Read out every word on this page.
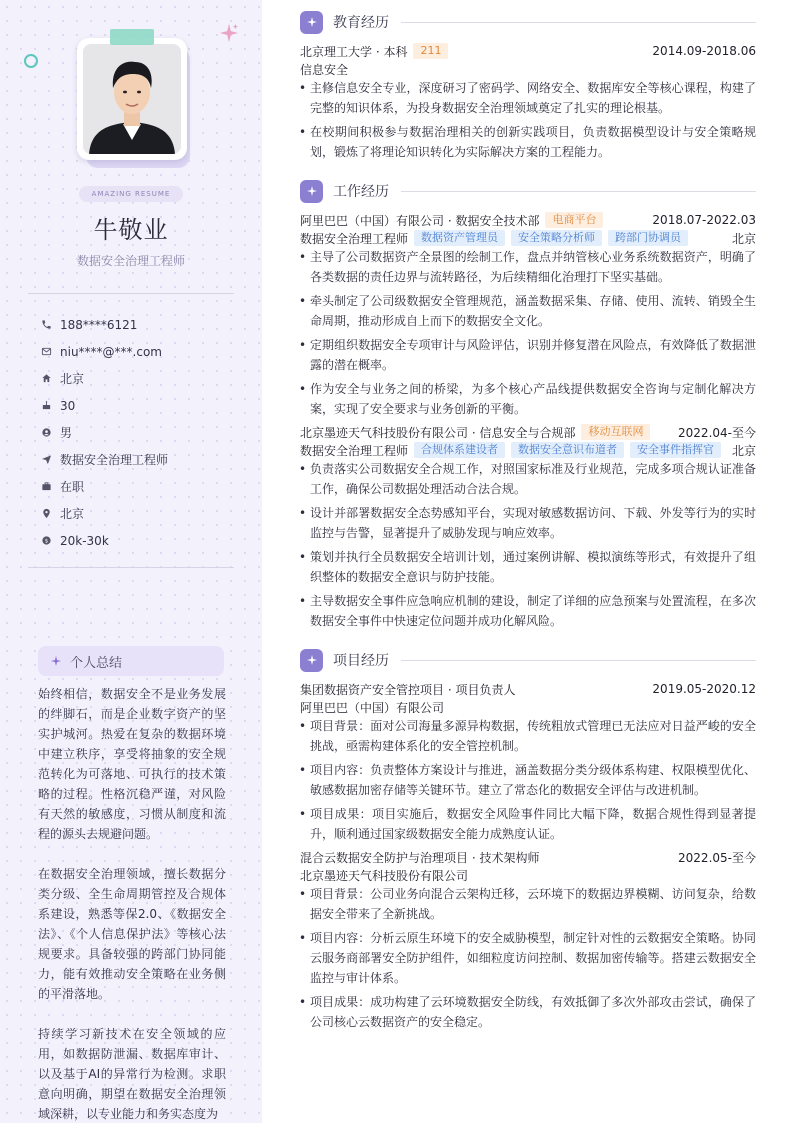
AMAZING RESUME
牛敬业
数据安全治理工程师
188****6121
niu****@***.com
北京
30
男
数据安全治理工程师
在职
北京
$ 20k-30k
个人总结

始终相信，数据安全不是业务发展的绊脚石，而是企业数字资产的坚实护城河。热爱在复杂的数据环境中建立秩序，享受将抽象的安全规范转化为可落地、可执行的技术策略的过程。性格沉稳严谨，对风险有天然的敏感度，习惯从制度和流程的源头去规避问题。

在数据安全治理领域，擅长数据分类分级、全生命周期管控及合规体系建设，熟悉等保2.0、《数据安全法》、《个人信息保护法》等核心法规要求。具备较强的跨部门协同能力，能有效推动安全策略在业务侧的平滑落地。

持续学习新技术在安全领域的应用，如数据防泄漏、数据库审计、以及基于AI的异常行为检测。求职意向明确，期望在数据安全治理领域深耕，以专业能力和务实态度为

教育经历
北京理工大学 · 本科	211	2014.09-2018.06
信息安全
• 主修信息安全专业，深度研习了密码学、网络安全、数据库安全等核心课程，构建了完整的知识体系，为投身数据安全治理领域奠定了扎实的理论根基。
• 在校期间积极参与数据治理相关的创新实践项目，负责数据模型设计与安全策略规划，锻炼了将理论知识转化为实际解决方案的工程能力。
工作经历
阿里巴巴（中国）有限公司 · 数据安全技术部	电商平台	2018.07-2022.03
数据安全治理工程师	数据资产管理员	安全策略分析师	跨部门协调员	北京
• 主导了公司数据资产全景图的绘制工作，盘点并纳管核心业务系统数据资产，明确了各类数据的责任边界与流转路径，为后续精细化治理打下坚实基础。
• 牵头制定了公司级数据安全管理规范，涵盖数据采集、存储、使用、流转、销毁全生命周期，推动形成自上而下的数据安全文化。
• 定期组织数据安全专项审计与风险评估，识别并修复潜在风险点，有效降低了数据泄露的潜在概率。
• 作为安全与业务之间的桥梁，为多个核心产品线提供数据安全咨询与定制化解决方案，实现了安全要求与业务创新的平衡。
北京墨迹天气科技股份有限公司 · 信息安全与合规部	移动互联网	2022.04-至今
数据安全治理工程师	合规体系建设者	数据安全意识布道者	安全事件指挥官	北京
• 负责落实公司数据安全合规工作，对照国家标准及行业规范，完成多项合规认证准备工作，确保公司数据处理活动合法合规。
• 设计并部署数据安全态势感知平台，实现对敏感数据访问、下载、外发等行为的实时监控与告警，显著提升了威胁发现与响应效率。
• 策划并执行全员数据安全培训计划，通过案例讲解、模拟演练等形式，有效提升了组织整体的数据安全意识与防护技能。
• 主导数据安全事件应急响应机制的建设，制定了详细的应急预案与处置流程，在多次数据安全事件中快速定位问题并成功化解风险。
项目经历
集团数据资产安全管控项目 · 项目负责人	2019.05-2020.12
阿里巴巴（中国）有限公司
• 项目背景：面对公司海量多源异构数据，传统粗放式管理已无法应对日益严峻的安全挑战，亟需构建体系化的安全管控机制。
• 项目内容：负责整体方案设计与推进，涵盖数据分类分级体系构建、权限模型优化、敏感数据加密存储等关键环节。建立了常态化的数据安全评估与改进机制。
• 项目成果：项目实施后，数据安全风险事件同比大幅下降，数据合规性得到显著提升，顺利通过国家级数据安全能力成熟度认证。
混合云数据安全防护与治理项目 · 技术架构师	2022.05-至今
北京墨迹天气科技股份有限公司
• 项目背景：公司业务向混合云架构迁移，云环境下的数据边界模糊、访问复杂，给数据安全带来了全新挑战。
• 项目内容：分析云原生环境下的安全威胁模型，制定针对性的云数据安全策略。协同云服务商部署安全防护组件，如细粒度访问控制、数据加密传输等。搭建云数据安全监控与审计体系。
• 项目成果：成功构建了云环境数据安全防线，有效抵御了多次外部攻击尝试，确保了公司核心云数据资产的安全稳定。
